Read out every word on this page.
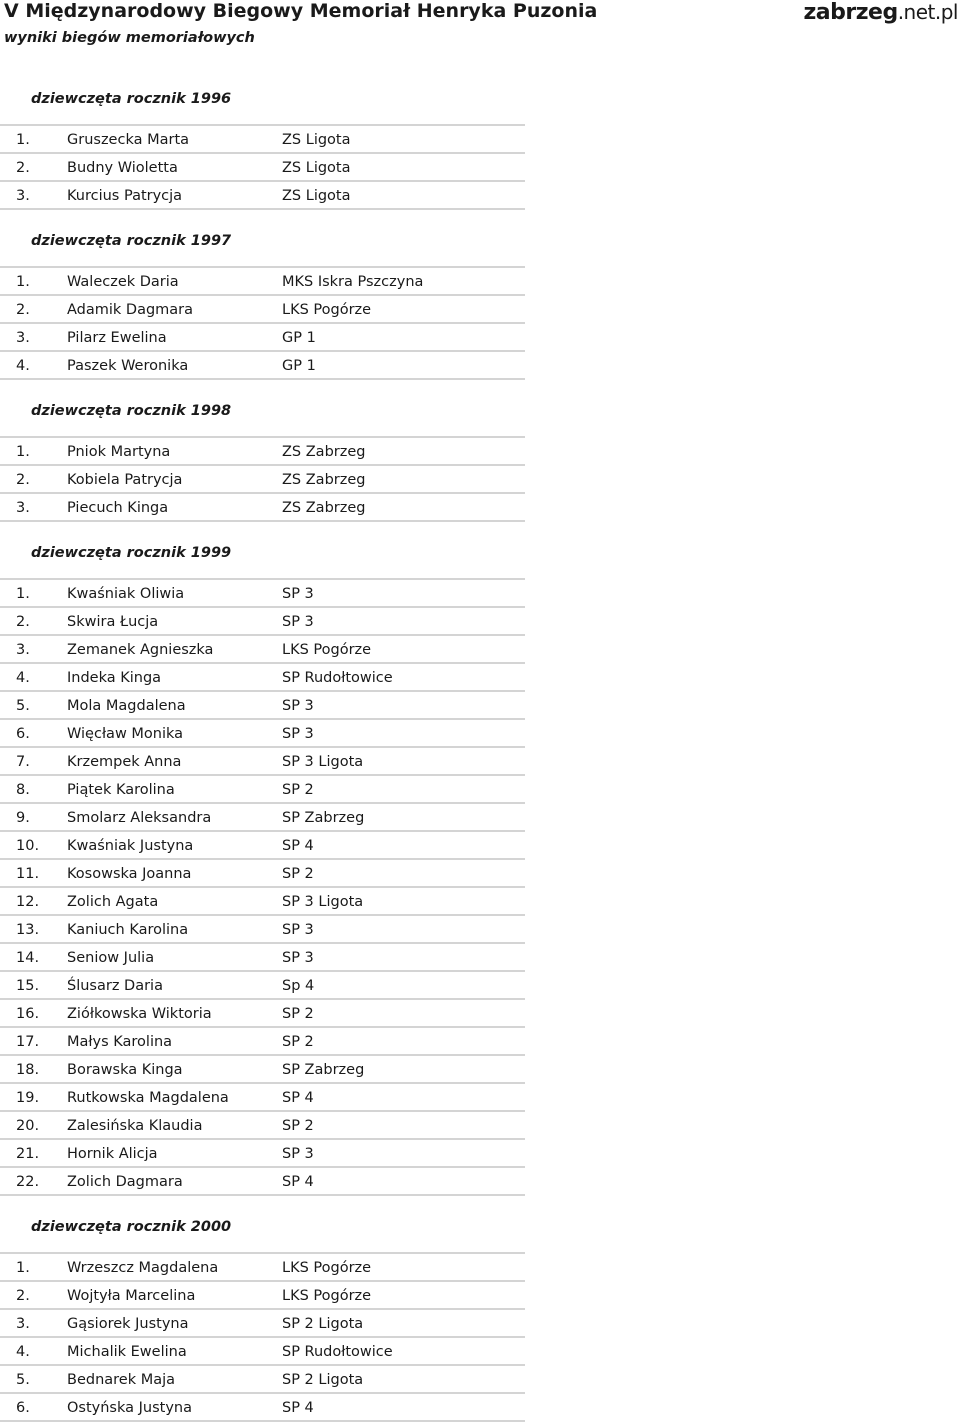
V Międzynarodowy Biegowy Memoriał Henryka Puzonia
wyniki biegów memoriałowych
zabrzeg.net.pl
dziewczęta rocznik 1996
1.	Gruszecka Marta	ZS Ligota
2.	Budny Wioletta	ZS Ligota
3.	Kurcius Patrycja	ZS Ligota
dziewczęta rocznik 1997
1.	Waleczek Daria	MKS Iskra Pszczyna
2.	Adamik Dagmara	LKS Pogórze
3.	Pilarz Ewelina	GP 1
4.	Paszek Weronika	GP 1
dziewczęta rocznik 1998
1.	Pniok Martyna	ZS Zabrzeg
2.	Kobiela Patrycja	ZS Zabrzeg
3.	Piecuch Kinga	ZS Zabrzeg
dziewczęta rocznik 1999
1.	Kwaśniak Oliwia	SP 3
2.	Skwira Łucja	SP 3
3.	Zemanek Agnieszka	LKS Pogórze
4.	Indeka Kinga	SP Rudołtowice
5.	Mola Magdalena	SP 3
6.	Więcław Monika	SP 3
7.	Krzempek Anna	SP 3 Ligota
8.	Piątek Karolina	SP 2
9.	Smolarz Aleksandra	SP Zabrzeg
10. Kwaśniak Justyna	SP 4
11. Kosowska Joanna	SP 2
12. Zolich Agata	SP 3 Ligota
13. Kaniuch Karolina	SP 3
14. Seniow Julia	SP 3
15. Ślusarz Daria	Sp 4
16. Ziółkowska Wiktoria	SP 2
17. Małys Karolina	SP 2
18. Borawska Kinga	SP Zabrzeg
19. Rutkowska Magdalena	SP 4
20. Zalesińska Klaudia	SP 2
21. Hornik Alicja	SP 3
22. Zolich Dagmara	SP 4
dziewczęta rocznik 2000
1.	Wrzeszcz Magdalena	LKS Pogórze
2.	Wojtyła Marcelina	LKS Pogórze
3.	Gąsiorek Justyna	SP 2 Ligota
4.	Michalik Ewelina	SP Rudołtowice
5.	Bednarek Maja	SP 2 Ligota
6.	Ostyńska Justyna	SP 4
